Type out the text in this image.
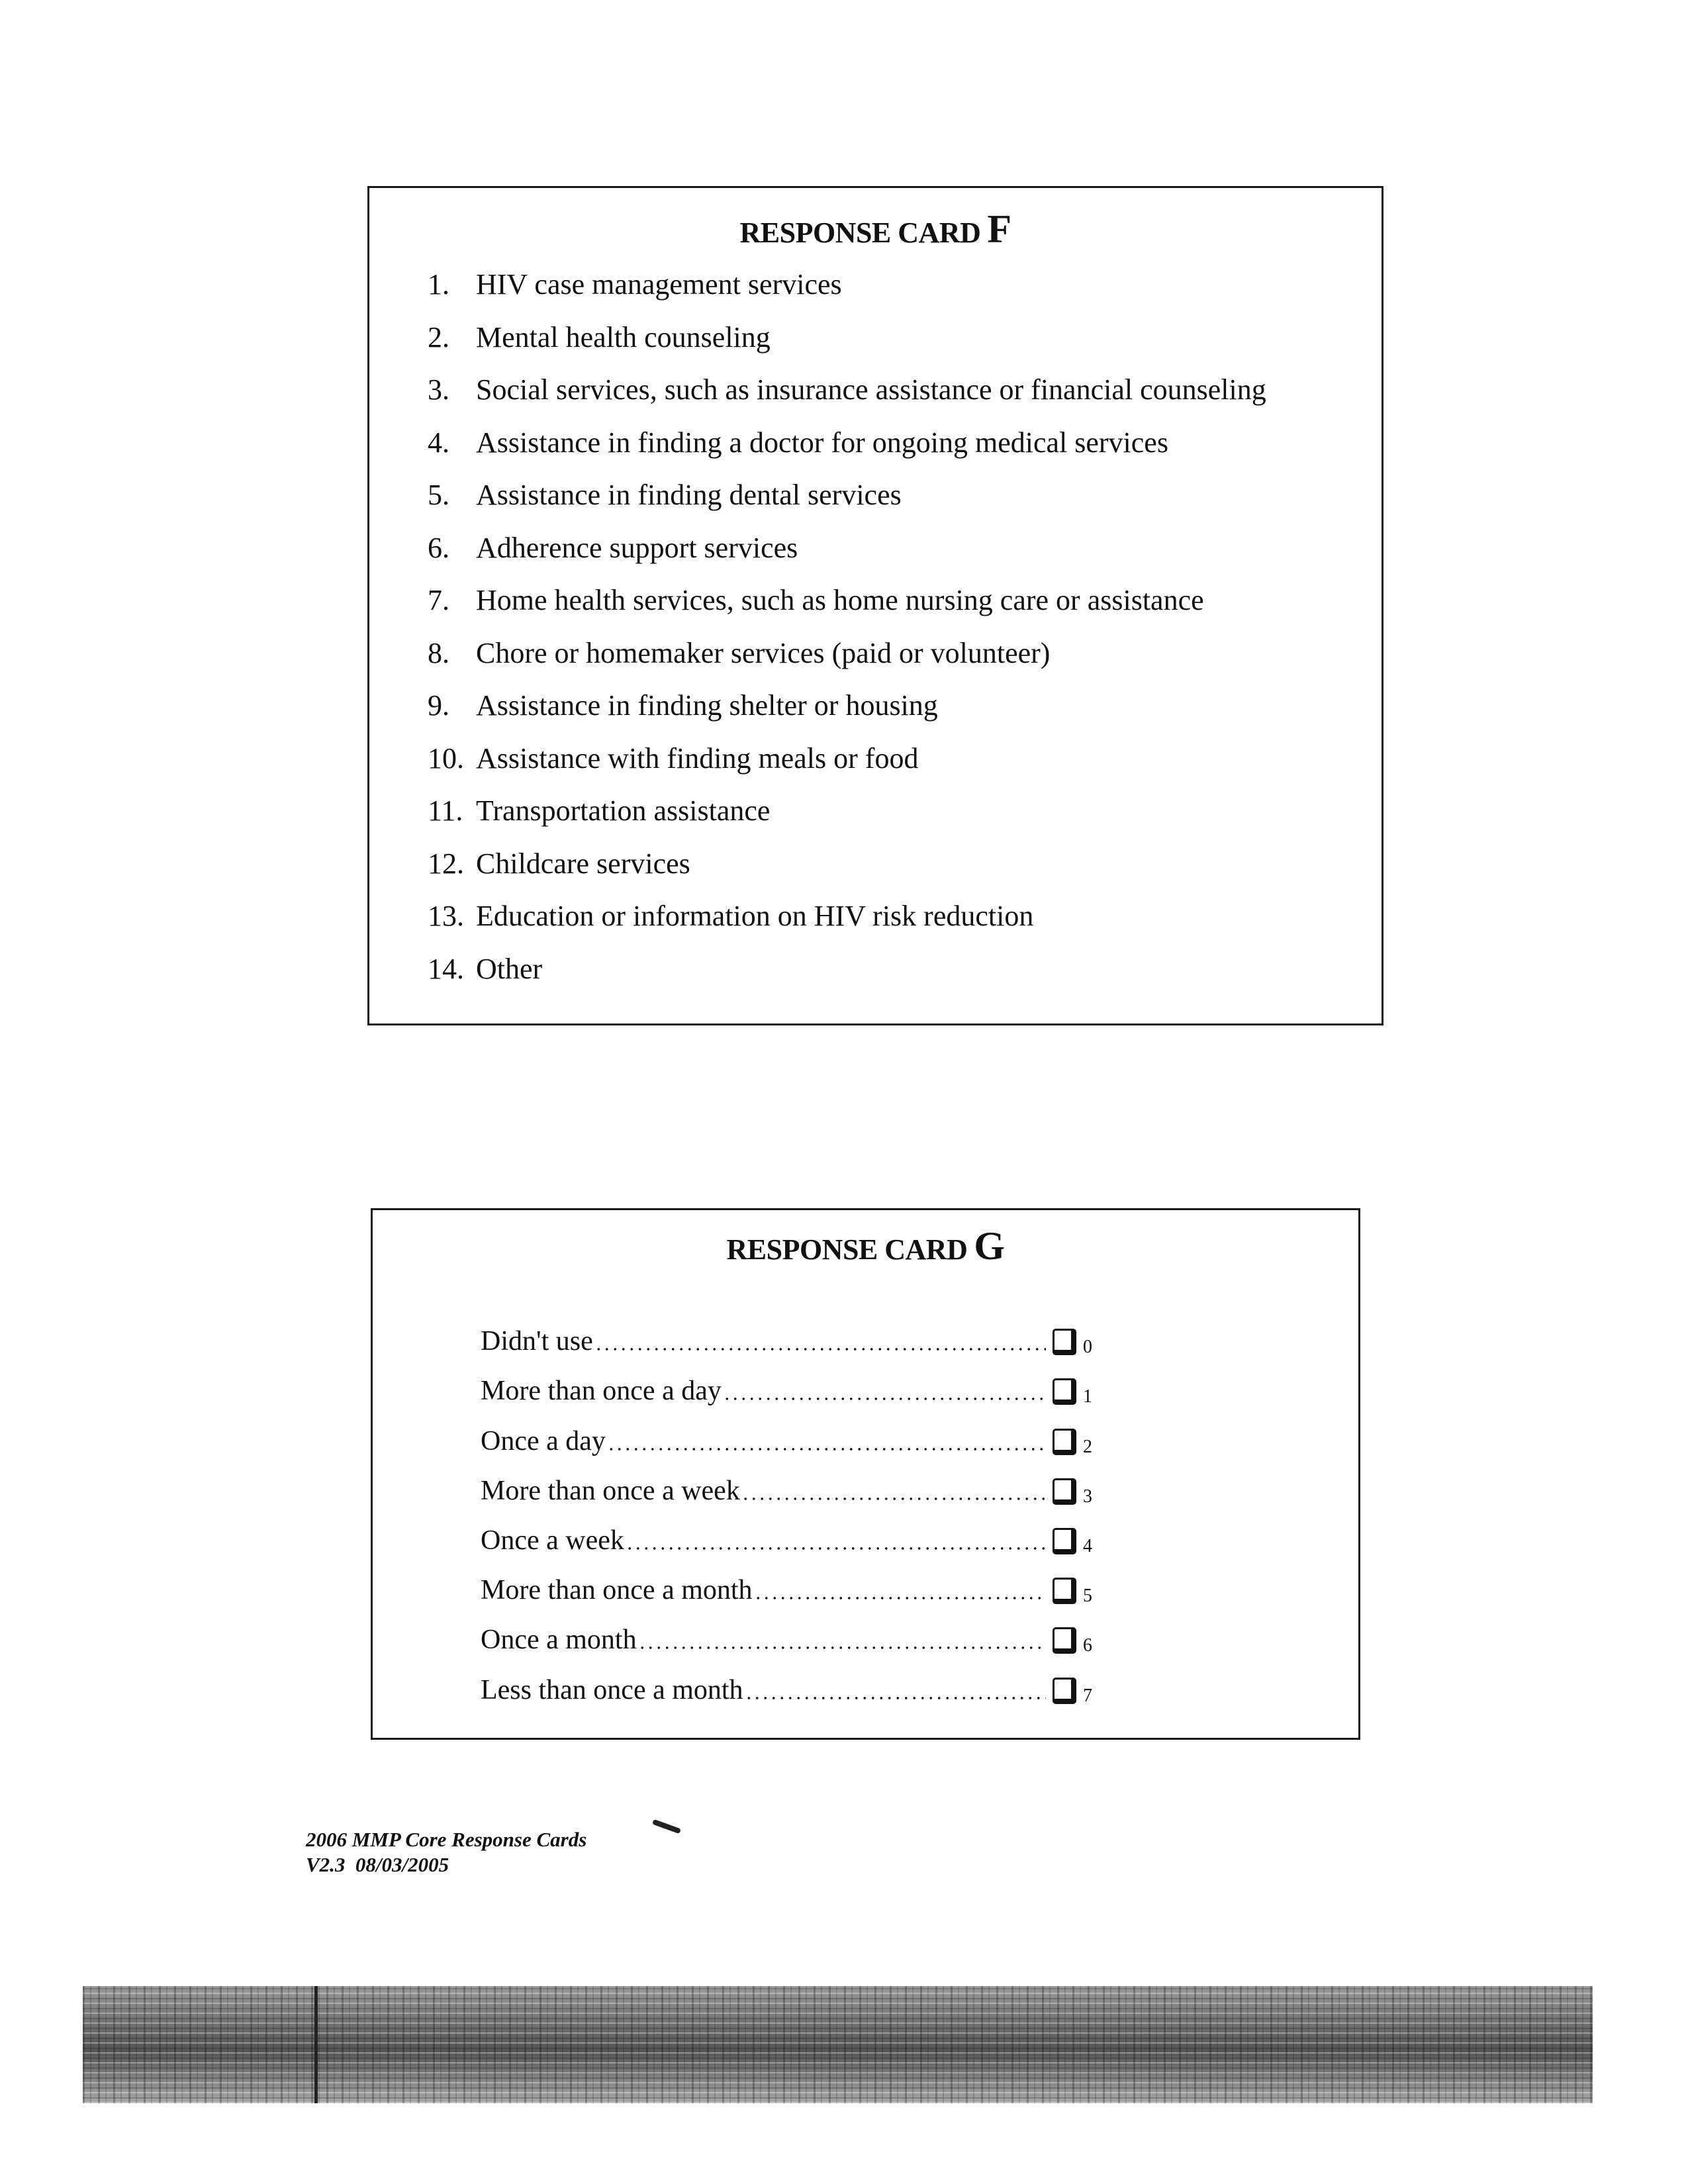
RESPONSE CARD F
1. HIV case management services
2. Mental health counseling
3. Social services, such as insurance assistance or financial counseling
4. Assistance in finding a doctor for ongoing medical services
5. Assistance in finding dental services
6. Adherence support services
7. Home health services, such as home nursing care or assistance
8. Chore or homemaker services (paid or volunteer)
9. Assistance in finding shelter or housing
10. Assistance with finding meals or food
11. Transportation assistance
12. Childcare services
13. Education or information on HIV risk reduction
14. Other
RESPONSE CARD G
Didn't use	0
More than once a day	1
Once a day	2
More than once a week	3
Once a week	4
More than once a month	5
Once a month	6
Less than once a month	7
2006 MMP Core Response Cards
V2.3  08/03/2005
